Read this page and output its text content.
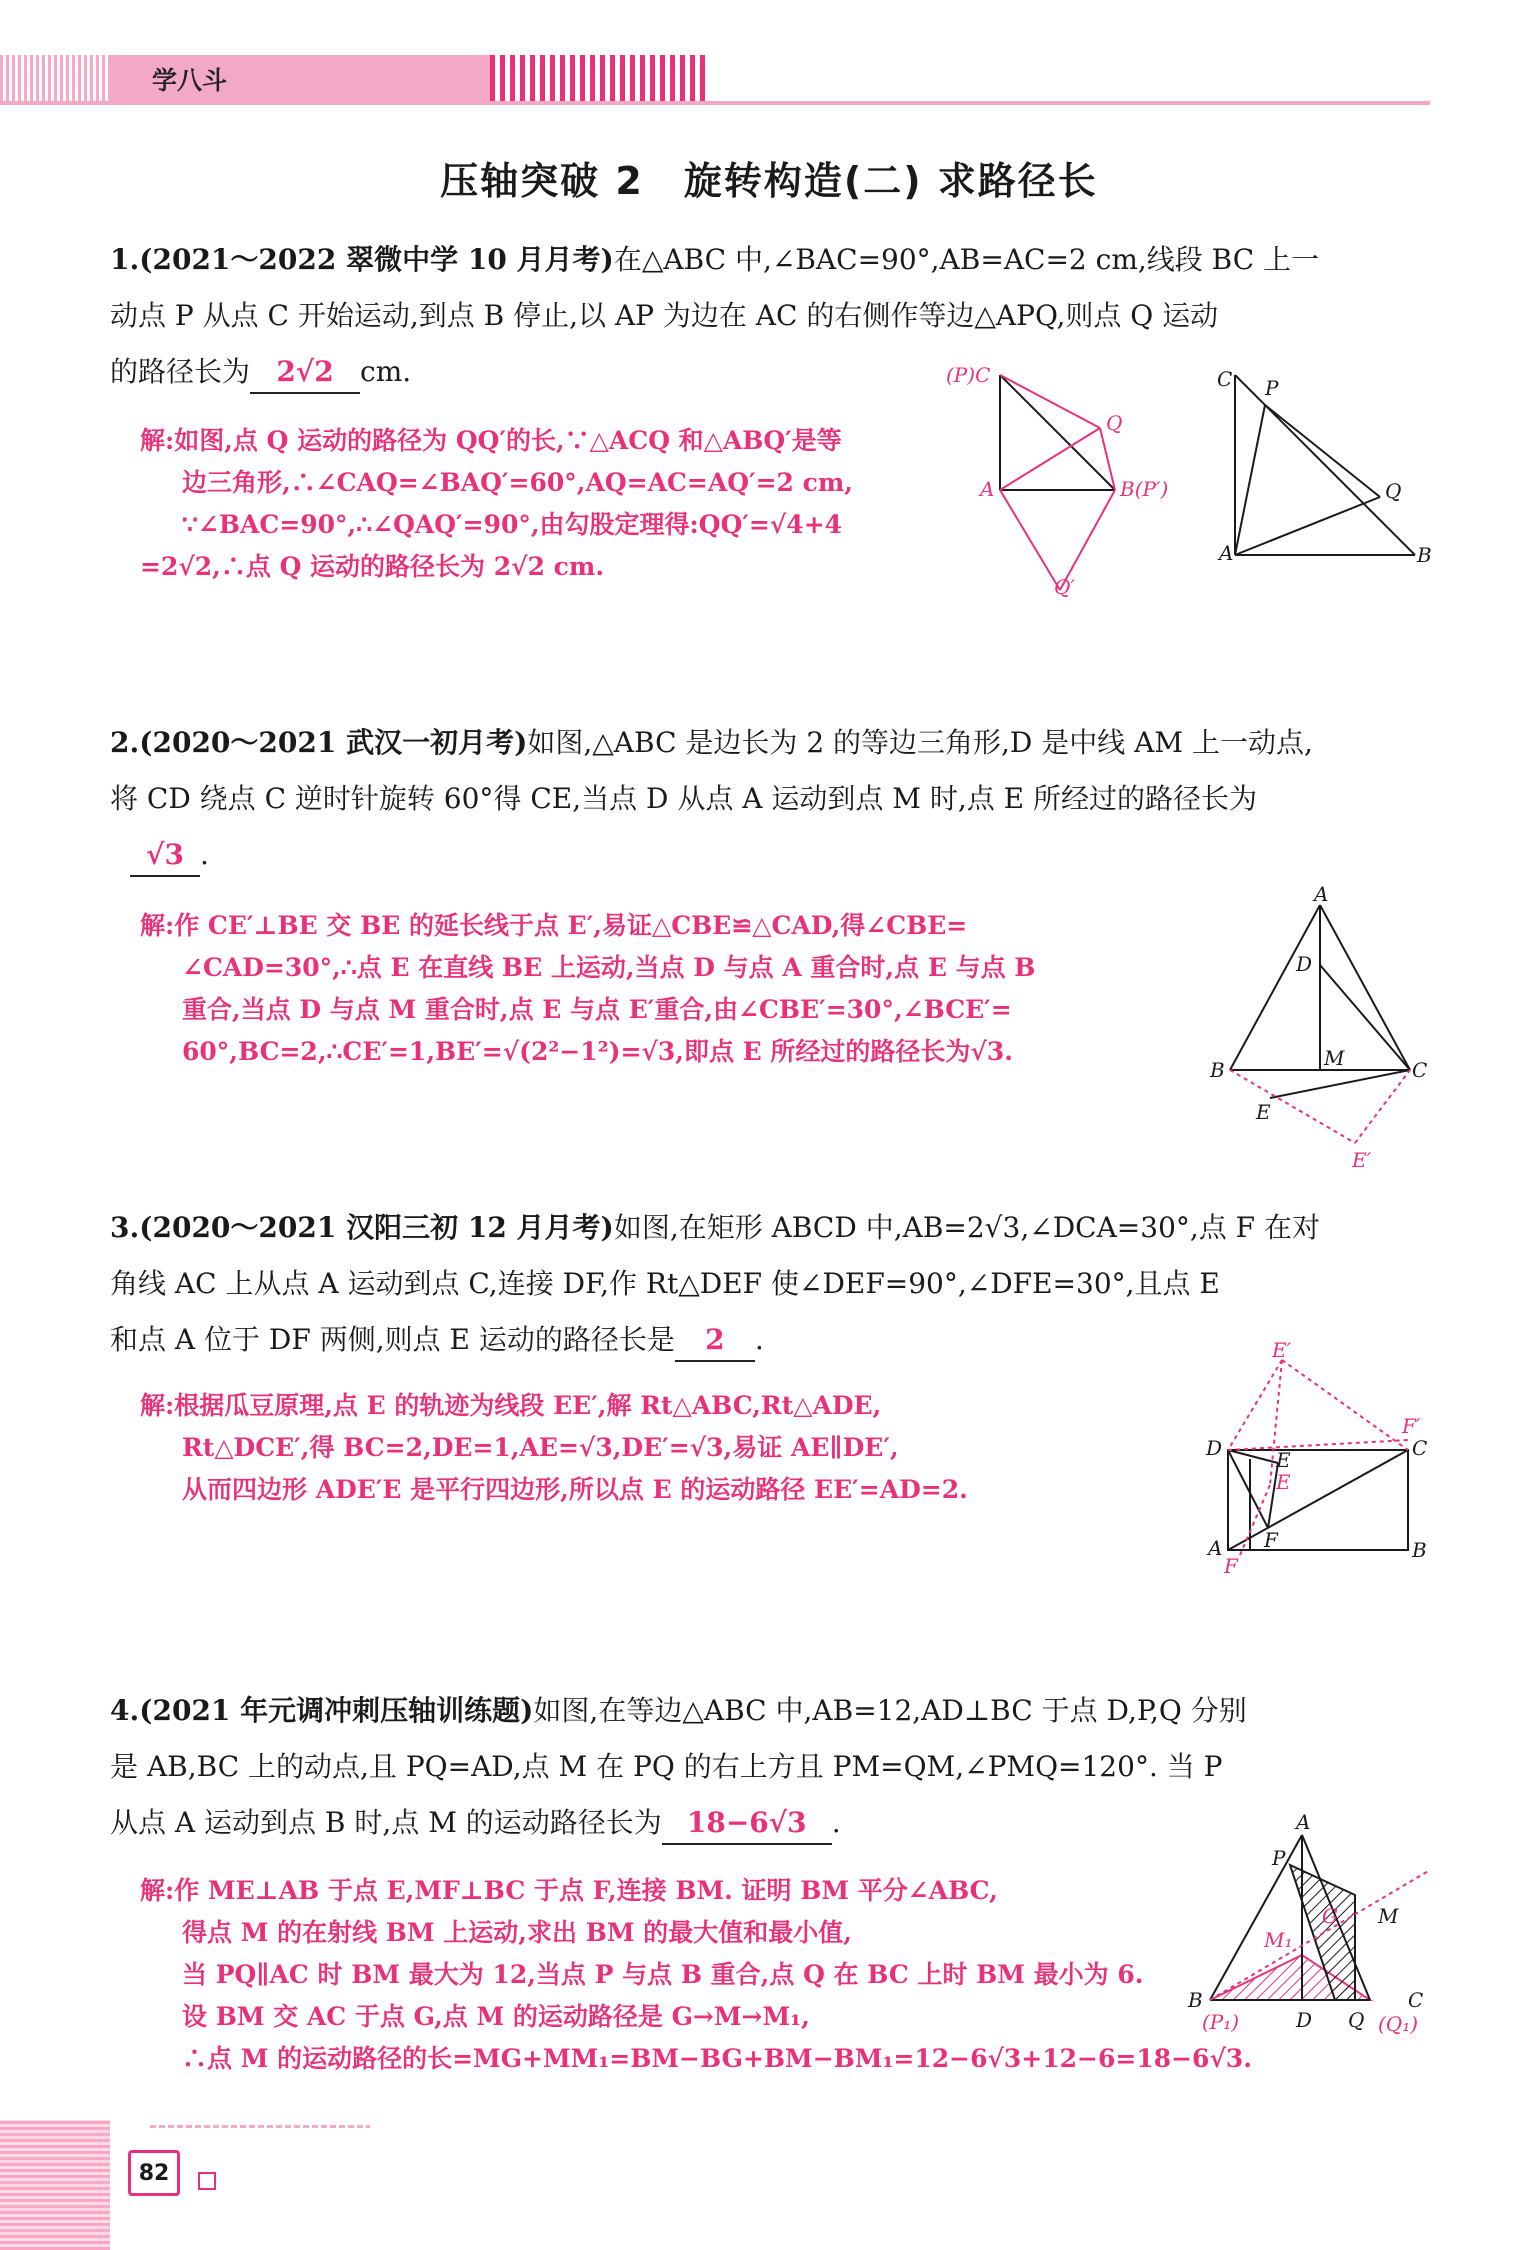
学八斗
压轴突破 2　旋转构造(二) 求路径长
1.(2021～2022 翠微中学 10 月月考)在△ABC 中,∠BAC=90°,AB=AC=2 cm,线段 BC 上一
动点 P 从点 C 开始运动,到点 B 停止,以 AP 为边在 AC 的右侧作等边△APQ,则点 Q 运动
的路径长为 2√2 cm.
解:如图,点 Q 运动的路径为 QQ′的长,∵△ACQ 和△ABQ′是等
边三角形,∴∠CAQ=∠BAQ′=60°,AQ=AC=AQ′=2 cm,
∵∠BAC=90°,∴∠QAQ′=90°,由勾股定理得:QQ′=√4+4
=2√2,∴点 Q 运动的路径长为 2√2 cm.
(P)C
Q
A	B(P′)
Q′
C P
Q
A	B
2.(2020～2021 武汉一初月考)如图,△ABC 是边长为 2 的等边三角形,D 是中线 AM 上一动点,
将 CD 绕点 C 逆时针旋转 60°得 CE,当点 D 从点 A 运动到点 M 时,点 E 所经过的路径长为
√3 .
解:作 CE′⊥BE 交 BE 的延长线于点 E′,易证△CBE≌△CAD,得∠CBE=
∠CAD=30°,∴点 E 在直线 BE 上运动,当点 D 与点 A 重合时,点 E 与点 B
重合,当点 D 与点 M 重合时,点 E 与点 E′重合,由∠CBE′=30°,∠BCE′=
60°,BC=2,∴CE′=1,BE′=√(2²−1²)=√3,即点 E 所经过的路径长为√3.
A
D
M
B	C
E
E′
3.(2020～2021 汉阳三初 12 月月考)如图,在矩形 ABCD 中,AB=2√3,∠DCA=30°,点 F 在对
角线 AC 上从点 A 运动到点 C,连接 DF,作 Rt△DEF 使∠DEF=90°,∠DFE=30°,且点 E
和点 A 位于 DF 两侧,则点 E 运动的路径长是 2 .
解:根据瓜豆原理,点 E 的轨迹为线段 EE′,解 Rt△ABC,Rt△ADE,
Rt△DCE′,得 BC=2,DE=1,AE=√3,DE′=√3,易证 AE∥DE′,
从而四边形 ADE′E 是平行四边形,所以点 E 的运动路径 EE′=AD=2.
E′
F′
D	E	C
E
A F	B
F
4.(2021 年元调冲刺压轴训练题)如图,在等边△ABC 中,AB=12,AD⊥BC 于点 D,P,Q 分别
是 AB,BC 上的动点,且 PQ=AD,点 M 在 PQ 的右上方且 PM=QM,∠PMQ=120°. 当 P
从点 A 运动到点 B 时,点 M 的运动路径长为 18−6√3 .
解:作 ME⊥AB 于点 E,MF⊥BC 于点 F,连接 BM. 证明 BM 平分∠ABC,
得点 M 的在射线 BM 上运动,求出 BM 的最大值和最小值,
当 PQ∥AC 时 BM 最大为 12,当点 P 与点 B 重合,点 Q 在 BC 上时 BM 最小为 6.
设 BM 交 AC 于点 G,点 M 的运动路径是 G→M→M₁,
∴点 M 的运动路径的长=MG+MM₁=BM−BG+BM−BM₁=12−6√3+12−6=18−6√3.
A
P
G M
M₁
B
(P₁)	D Q
C
(Q₁)
82
